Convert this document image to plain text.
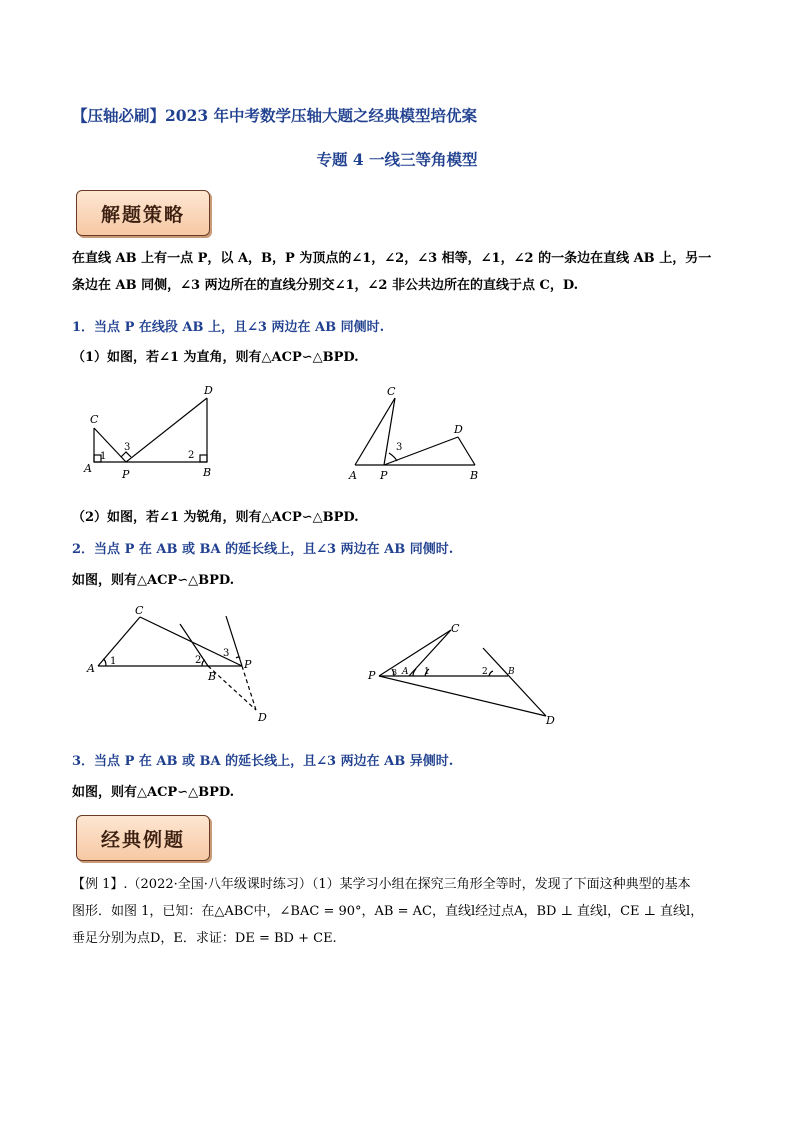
【压轴必刷】2023 年中考数学压轴大题之经典模型培优案
专题 4 一线三等角模型
解题策略
在直线 AB 上有一点 P，以 A，B，P 为顶点的∠1，∠2，∠3 相等，∠1，∠2 的一条边在直线 AB 上，另一
条边在 AB 同侧，∠3 两边所在的直线分别交∠1，∠2 非公共边所在的直线于点 C，D.
1．当点 P 在线段 AB 上，且∠3 两边在 AB 同侧时.
（1）如图，若∠1 为直角，则有△ACP∽△BPD.
A
C
D
P	B
1	2
3
A
C
D
P	B
3
（2）如图，若∠1 为锐角，则有△ACP∽△BPD.
2．当点 P 在 AB 或 BA 的延长线上，且∠3 两边在 AB 同侧时.
如图，则有△ACP∽△BPD.
A
C
B
P
D
1	2
3
P
C
A	B
D
3	1	2
3．当点 P 在 AB 或 BA 的延长线上，且∠3 两边在 AB 异侧时.
如图，则有△ACP∽△BPD.
经典例题
【例 1】.（2022·全国·八年级课时练习）（1）某学习小组在探究三角形全等时，发现了下面这种典型的基本
图形．如图 1，已知：在△ABC中，∠BAC = 90°，AB = AC，直线l经过点A，BD ⊥ 直线l，CE ⊥ 直线l，
垂足分别为点D，E．求证：DE = BD + CE.
